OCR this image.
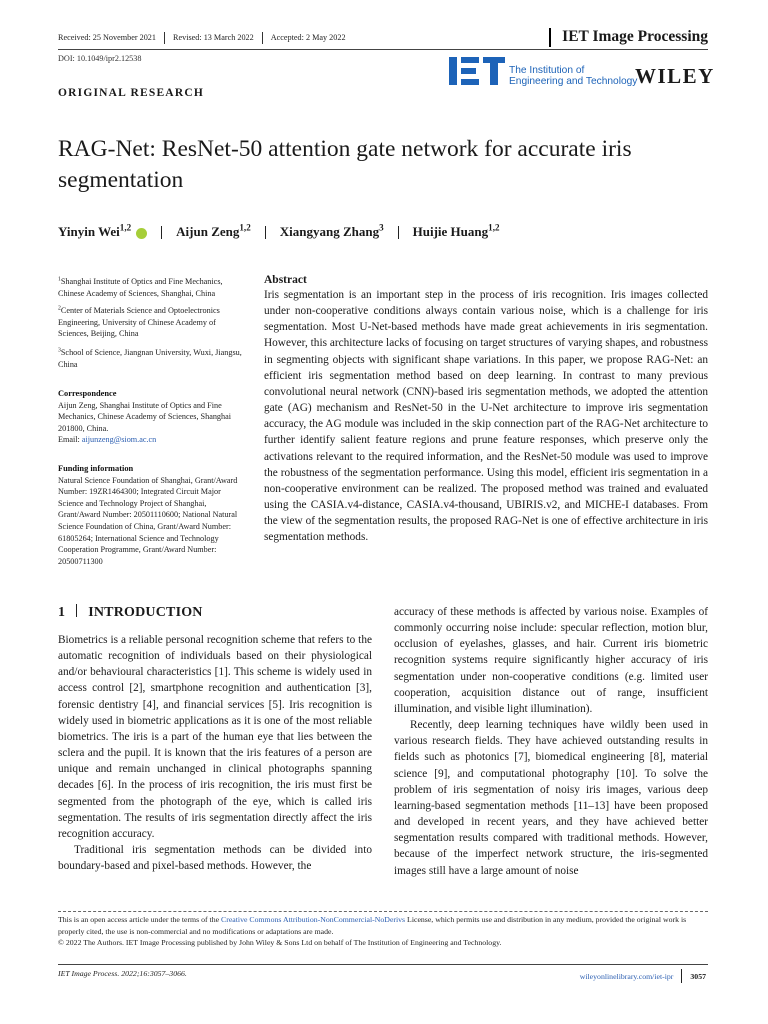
Received: 25 November 2021 Revised: 13 March 2022 Accepted: 2 May 2022	IET Image Processing
DOI: 10.1049/ipr2.12538
The Institution of
Engineering and Technology
WILEY
ORIGINAL RESEARCH
RAG-Net: ResNet-50 attention gate network for accurate iris segmentation
Yinyin Wei$^{1,2}$	Aijun Zeng$^{1,2}$ Xiangyang Zhang$^3$ Huijie Huang$^{1,2}$
$^1$Shanghai Institute of Optics and Fine Mechanics, Chinese Academy of Sciences, Shanghai, China
$^2$Center of Materials Science and Optoelectronics Engineering, University of Chinese Academy of Sciences, Beijing, China
$^3$School of Science, Jiangnan University, Wuxi, Jiangsu, China
Correspondence
Aijun Zeng, Shanghai Institute of Optics and Fine Mechanics, Chinese Academy of Sciences, Shanghai 201800, China.
Email: aijunzeng@siom.ac.cn
Funding information
Natural Science Foundation of Shanghai, Grant/Award Number: 19ZR1464300; Integrated Circuit Major Science and Technology Project of Shanghai, Grant/Award Number: 20501110600; National Natural Science Foundation of China, Grant/Award Number: 61805264; International Science and Technology Cooperation Programme, Grant/Award Number: 20500711300
Abstract
Iris segmentation is an important step in the process of iris recognition. Iris images collected under non-cooperative conditions always contain various noise, which is a challenge for iris segmentation. Most U-Net-based methods have made great achievements in iris segmentation. However, this architecture lacks of focusing on target structures of varying shapes, and robustness in segmenting objects with significant shape variations. In this paper, we propose RAG-Net: an efficient iris segmentation method based on deep learning. In contrast to many previous convolutional neural network (CNN)-based iris segmentation methods, we adopted the attention gate (AG) mechanism and ResNet-50 in the U-Net architecture to improve iris segmentation accuracy, the AG module was included in the skip connection part of the RAG-Net architecture to further identify salient feature regions and prune feature responses, which preserve only the activations relevant to the required information, and the ResNet-50 module was used to improve the robustness of the segmentation performance. Using this model, efficient iris segmentation in a non-cooperative environment can be realized. The proposed method was trained and evaluated using the CASIA.v4-distance, CASIA.v4-thousand, UBIRIS.v2, and MICHE-I databases. From the view of the segmentation results, the proposed RAG-Net is one of effective architecture in iris segmentation methods.
1 INTRODUCTION
Biometrics is a reliable personal recognition scheme that refers to the automatic recognition of individuals based on their physiological and/or behavioural characteristics [1]. This scheme is widely used in access control [2], smartphone recognition and authentication [3], forensic dentistry [4], and financial services [5]. Iris recognition is widely used in biometric applications as it is one of the most reliable biometrics. The iris is a part of the human eye that lies between the sclera and the pupil. It is known that the iris features of a person are unique and remain unchanged in clinical photographs spanning decades [6]. In the process of iris recognition, the iris must first be segmented from the photograph of the eye, which is called iris segmentation. The results of iris segmentation directly affect the iris recognition accuracy.
Traditional iris segmentation methods can be divided into boundary-based and pixel-based methods. However, the
accuracy of these methods is affected by various noise. Examples of commonly occurring noise include: specular reflection, motion blur, occlusion of eyelashes, glasses, and hair. Current iris biometric recognition systems require significantly higher accuracy of iris segmentation under non-cooperative conditions (e.g. limited user cooperation, acquisition distance out of range, insufficient illumination, and visible light illumination).
Recently, deep learning techniques have wildly been used in various research fields. They have achieved outstanding results in fields such as photonics [7], biomedical engineering [8], material science [9], and computational photography [10]. To solve the problem of iris segmentation of noisy iris images, various deep learning-based segmentation methods [11–13] have been proposed and developed in recent years, and they have achieved better segmentation results compared with traditional methods. However, because of the imperfect network structure, the iris-segmented images still have a large amount of noise
This is an open access article under the terms of the Creative Commons Attribution-NonCommercial-NoDerivs License, which permits use and distribution in any medium, provided the original work is properly cited, the use is non-commercial and no modifications or adaptations are made.
© 2022 The Authors. IET Image Processing published by John Wiley & Sons Ltd on behalf of The Institution of Engineering and Technology.
IET Image Process. 2022;16:3057–3066.	wileyonlinelibrary.com/iet-ipr 3057
